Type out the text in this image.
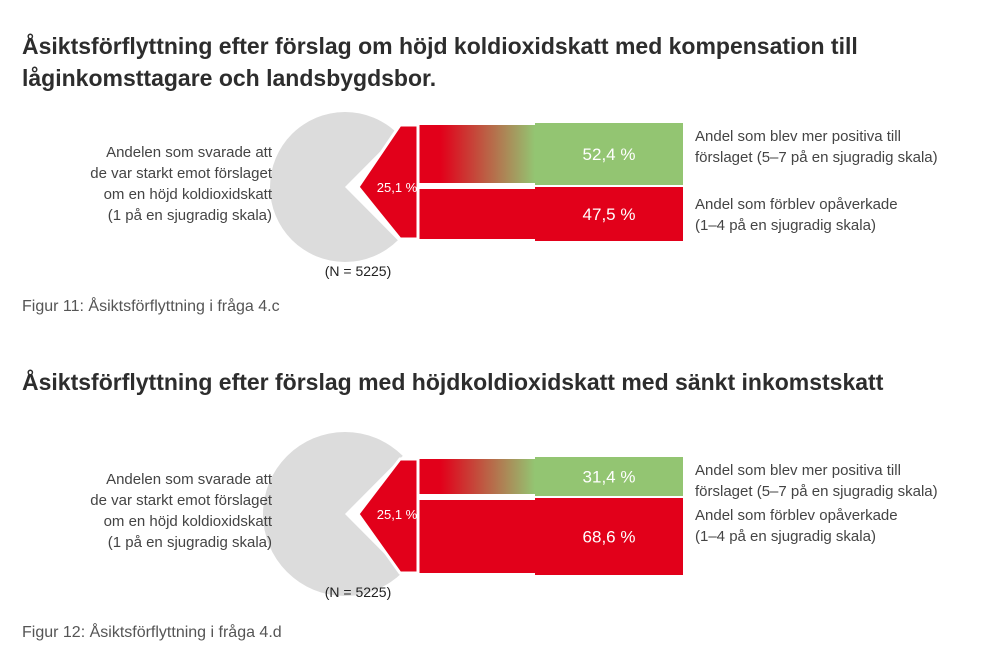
Åsiktsförflyttning efter förslag om höjd koldioxidskatt med kompensation till låginkomsttagare och landsbygdsbor.
25,1 %
52,4 %
47,5 %
Andel som blev mer positiva till
förslaget (5–7 på en sjugradig skala)
Andel som förblev opåverkade
(1–4 på en sjugradig skala)
Andelen som svarade att
de var starkt emot förslaget
om en höjd koldioxidskatt
(1 på en sjugradig skala)
(N = 5225)

Figur 11: Åsiktsförflyttning i fråga 4.c

Åsiktsförflyttning efter förslag med höjdkoldioxidskatt med sänkt inkomstskatt
25,1 %
31,4 %
68,6 %
Andel som blev mer positiva till
förslaget (5–7 på en sjugradig skala)
Andel som förblev opåverkade
(1–4 på en sjugradig skala)
Andelen som svarade att
de var starkt emot förslaget
om en höjd koldioxidskatt
(1 på en sjugradig skala)
(N = 5225)

Figur 12: Åsiktsförflyttning i fråga 4.d
